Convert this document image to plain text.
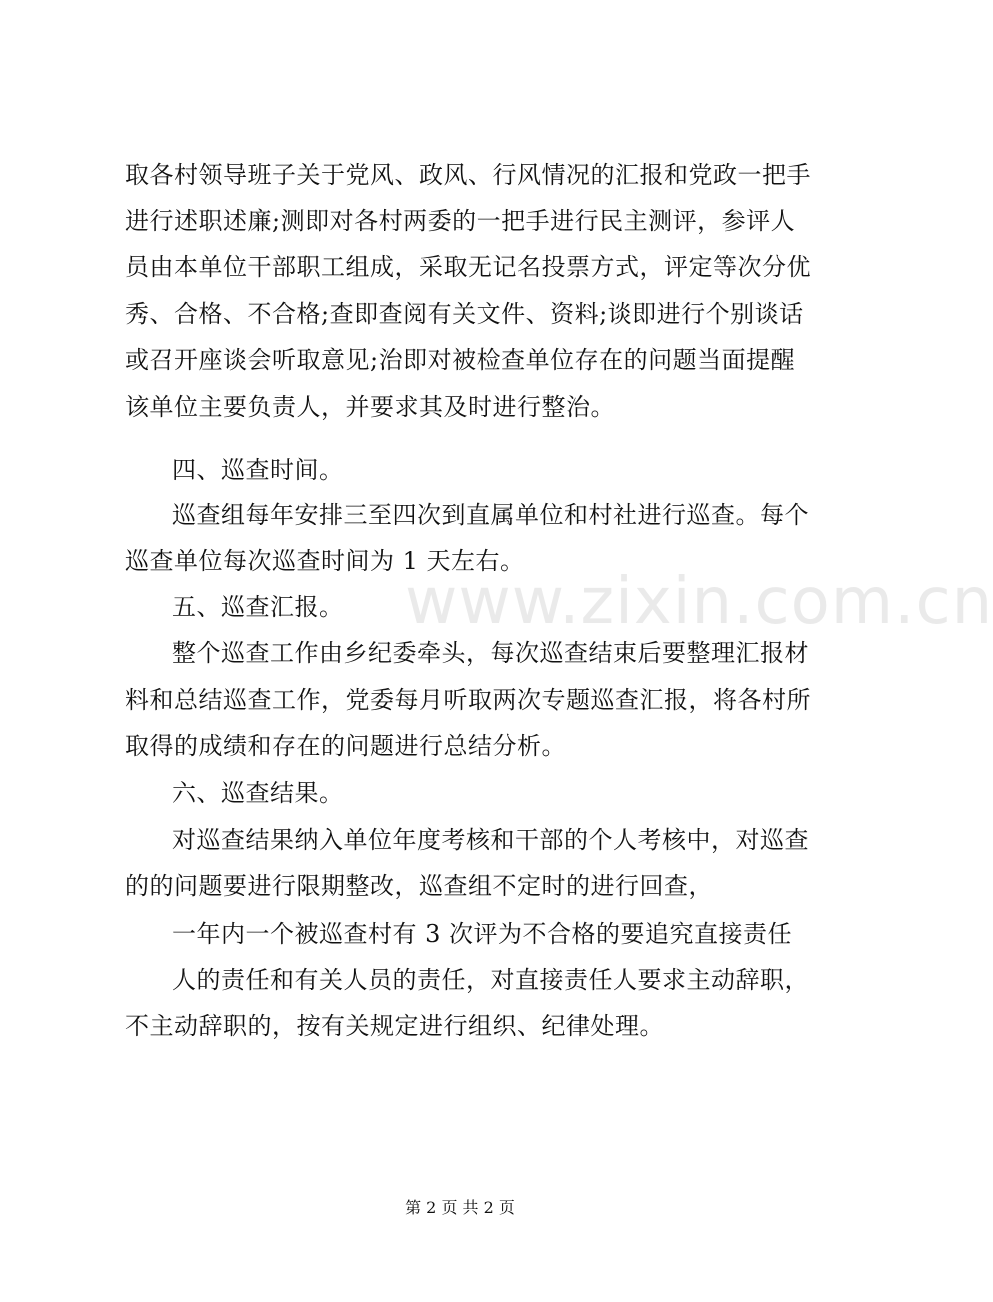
取各村领导班子关于党风、政风、行风情况的汇报和党政一把手
进行述职述廉;测即对各村两委的一把手进行民主测评，参评人
员由本单位干部职工组成，采取无记名投票方式，评定等次分优
秀、合格、不合格;查即查阅有关文件、资料;谈即进行个别谈话
或召开座谈会听取意见;治即对被检查单位存在的问题当面提醒
该单位主要负责人，并要求其及时进行整治。
四、巡查时间。
巡查组每年安排三至四次到直属单位和村社进行巡查。每个
巡查单位每次巡查时间为 1 天左右。
五、巡查汇报。
整个巡查工作由乡纪委牵头，每次巡查结束后要整理汇报材
料和总结巡查工作，党委每月听取两次专题巡查汇报，将各村所
取得的成绩和存在的问题进行总结分析。
六、巡查结果。
对巡查结果纳入单位年度考核和干部的个人考核中，对巡查
的的问题要进行限期整改，巡查组不定时的进行回查，
一年内一个被巡查村有 3 次评为不合格的要追究直接责任
人的责任和有关人员的责任，对直接责任人要求主动辞职，
不主动辞职的，按有关规定进行组织、纪律处理。
www.zixin.com.cn
第 2 页 共 2 页
